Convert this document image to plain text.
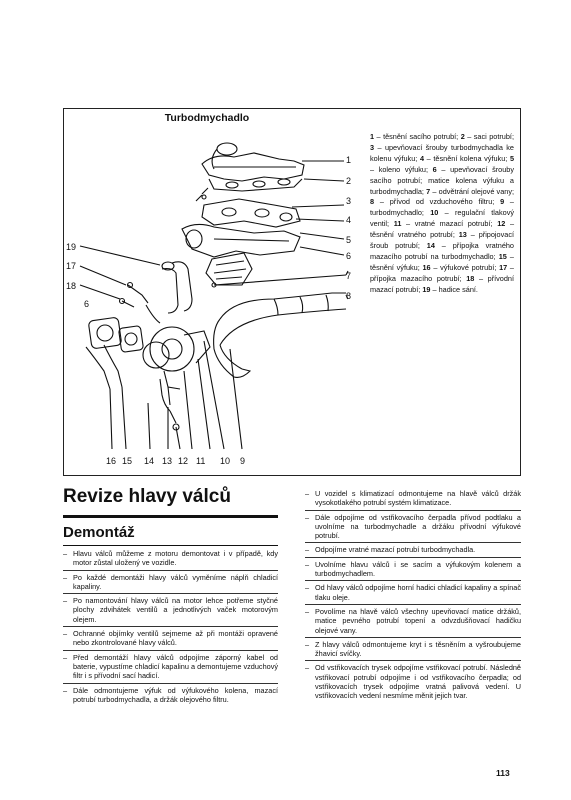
Turbodmychadlo
1
2
3
4
5
6
7
8
19
17
18
6
16 15 14 13 12 11 10 9
1 – těsnění sacího potrubí; 2 – saci potrubí; 3 – upevňovací šrouby turbodmychadla ke kolenu výfuku; 4 – těsnění kolena výfuku; 5 – koleno výfuku; 6 – upevňovací šrouby sacího potrubí; matice kolena výfuku a turbodmychadla; 7 – odvětrání olejové vany; 8 – přívod od vzduchového filtru; 9 – turbodmychadlo; 10 – regulační tlakový ventil; 11 – vratné mazací potrubí; 12 – těsnění vratného potrubí; 13 – připojovací šroub potrubí; 14 – přípojka vratného mazacího potrubí na turbodmychadlo; 15 – těsnění výfuku; 16 – výfukové potrubí; 17 – přípojka mazacího potrubí; 18 – přívodní mazací potrubí; 19 – hadice sání.
Revize hlavy válců
Demontáž
– Hlavu válců můžeme z motoru demontovat i v případě, kdy motor zůstal uložený ve vozidle.
– Po každé demontáži hlavy válců vyměníme náplň chladicí kapaliny.
– Po namontování hlavy válců na motor lehce potřeme styčné plochy zdvihátek ventilů a jednotlivých vaček motorovým olejem.
– Ochranné objímky ventilů sejmeme až při montáži opravené nebo zkontrolované hlavy válců.
– Před demontáží hlavy válců odpojíme záporný kabel od baterie, vypustíme chladicí kapalinu a demontujeme vzduchový filtr i s přívodní sací hadicí.
– Dále odmontujeme výfuk od výfukového kolena, mazací potrubí turbodmychadla, a držák olejového filtru.
– U vozidel s klimatizací odmontujeme na hlavě válců držák vysokotlakého potrubí systém klimatizace.
– Dále odpojíme od vstřikovacího čerpadla přívod podtlaku a uvolníme na turbodmychadle a držáku přívodní výfukové potrubí.
– Odpojíme vratné mazací potrubí turbodmychadla.
– Uvolníme hlavu válců i se sacím a výfukovým kolenem a turbodmychadlem.
– Od hlavy válců odpojíme horní hadici chladicí kapaliny a spínač tlaku oleje.
– Povolíme na hlavě válců všechny upevňovací matice držáků, matice pevného potrubí topení a odvzdušňovací hadičku olejové vany.
– Z hlavy válců odmontujeme kryt i s těsněním a vyšroubujeme žhavicí svíčky.
– Od vstřikovacích trysek odpojíme vstřikovací potrubí. Následně vstřikovací potrubí odpojíme i od vstřikovacího čerpadla; od vstřikovacích trysek odpojíme vratná palivová vedení. U vstřikovacích vedení nesmíme měnit jejich tvar.
113
